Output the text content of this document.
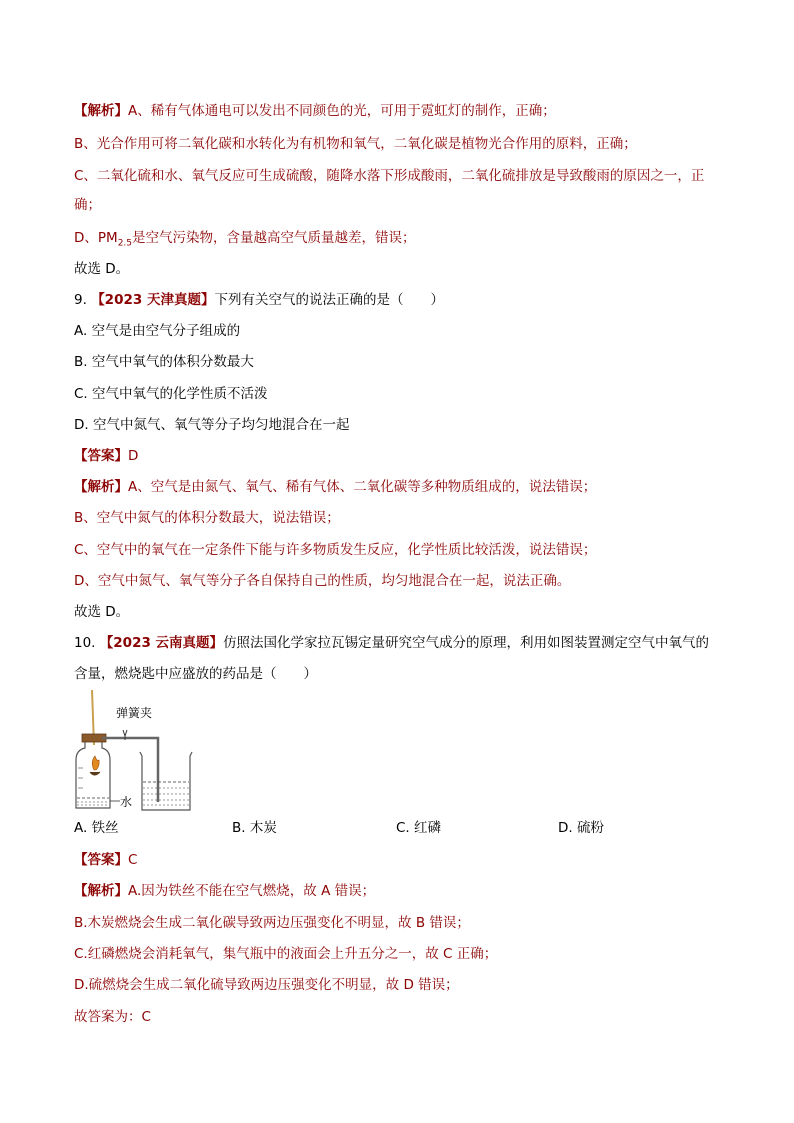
【解析】A、稀有气体通电可以发出不同颜色的光，可用于霓虹灯的制作，正确；
B、光合作用可将二氧化碳和水转化为有机物和氧气，二氧化碳是植物光合作用的原料，正确；
C、二氧化硫和水、氧气反应可生成硫酸，随降水落下形成酸雨，二氧化硫排放是导致酸雨的原因之一，正
确；
D、$PM_{2.5}$是空气污染物，含量越高空气质量越差，错误；
故选 D。
9. 【2023 天津真题】下列有关空气的说法正确的是（　　）
A. 空气是由空气分子组成的
B. 空气中氧气的体积分数最大
C. 空气中氧气的化学性质不活泼
D. 空气中氮气、氧气等分子均匀地混合在一起
【答案】D
【解析】A、空气是由氮气、氧气、稀有气体、二氧化碳等多种物质组成的，说法错误；
B、空气中氮气的体积分数最大，说法错误；
C、空气中的氧气在一定条件下能与许多物质发生反应，化学性质比较活泼，说法错误；
D、空气中氮气、氧气等分子各自保持自己的性质，均匀地混合在一起，说法正确。
故选 D。
10. 【2023 云南真题】仿照法国化学家拉瓦锡定量研究空气成分的原理，利用如图装置测定空气中氧气的
含量，燃烧匙中应盛放的药品是（　　）
弹簧夹
水
A. 铁丝	B. 木炭	C. 红磷	D. 硫粉
【答案】C
【解析】A.因为铁丝不能在空气燃烧，故 A 错误；
B.木炭燃烧会生成二氧化碳导致两边压强变化不明显，故 B 错误；
C.红磷燃烧会消耗氧气，集气瓶中的液面会上升五分之一，故 C 正确；
D.硫燃烧会生成二氧化硫导致两边压强变化不明显，故 D 错误；
故答案为：C
